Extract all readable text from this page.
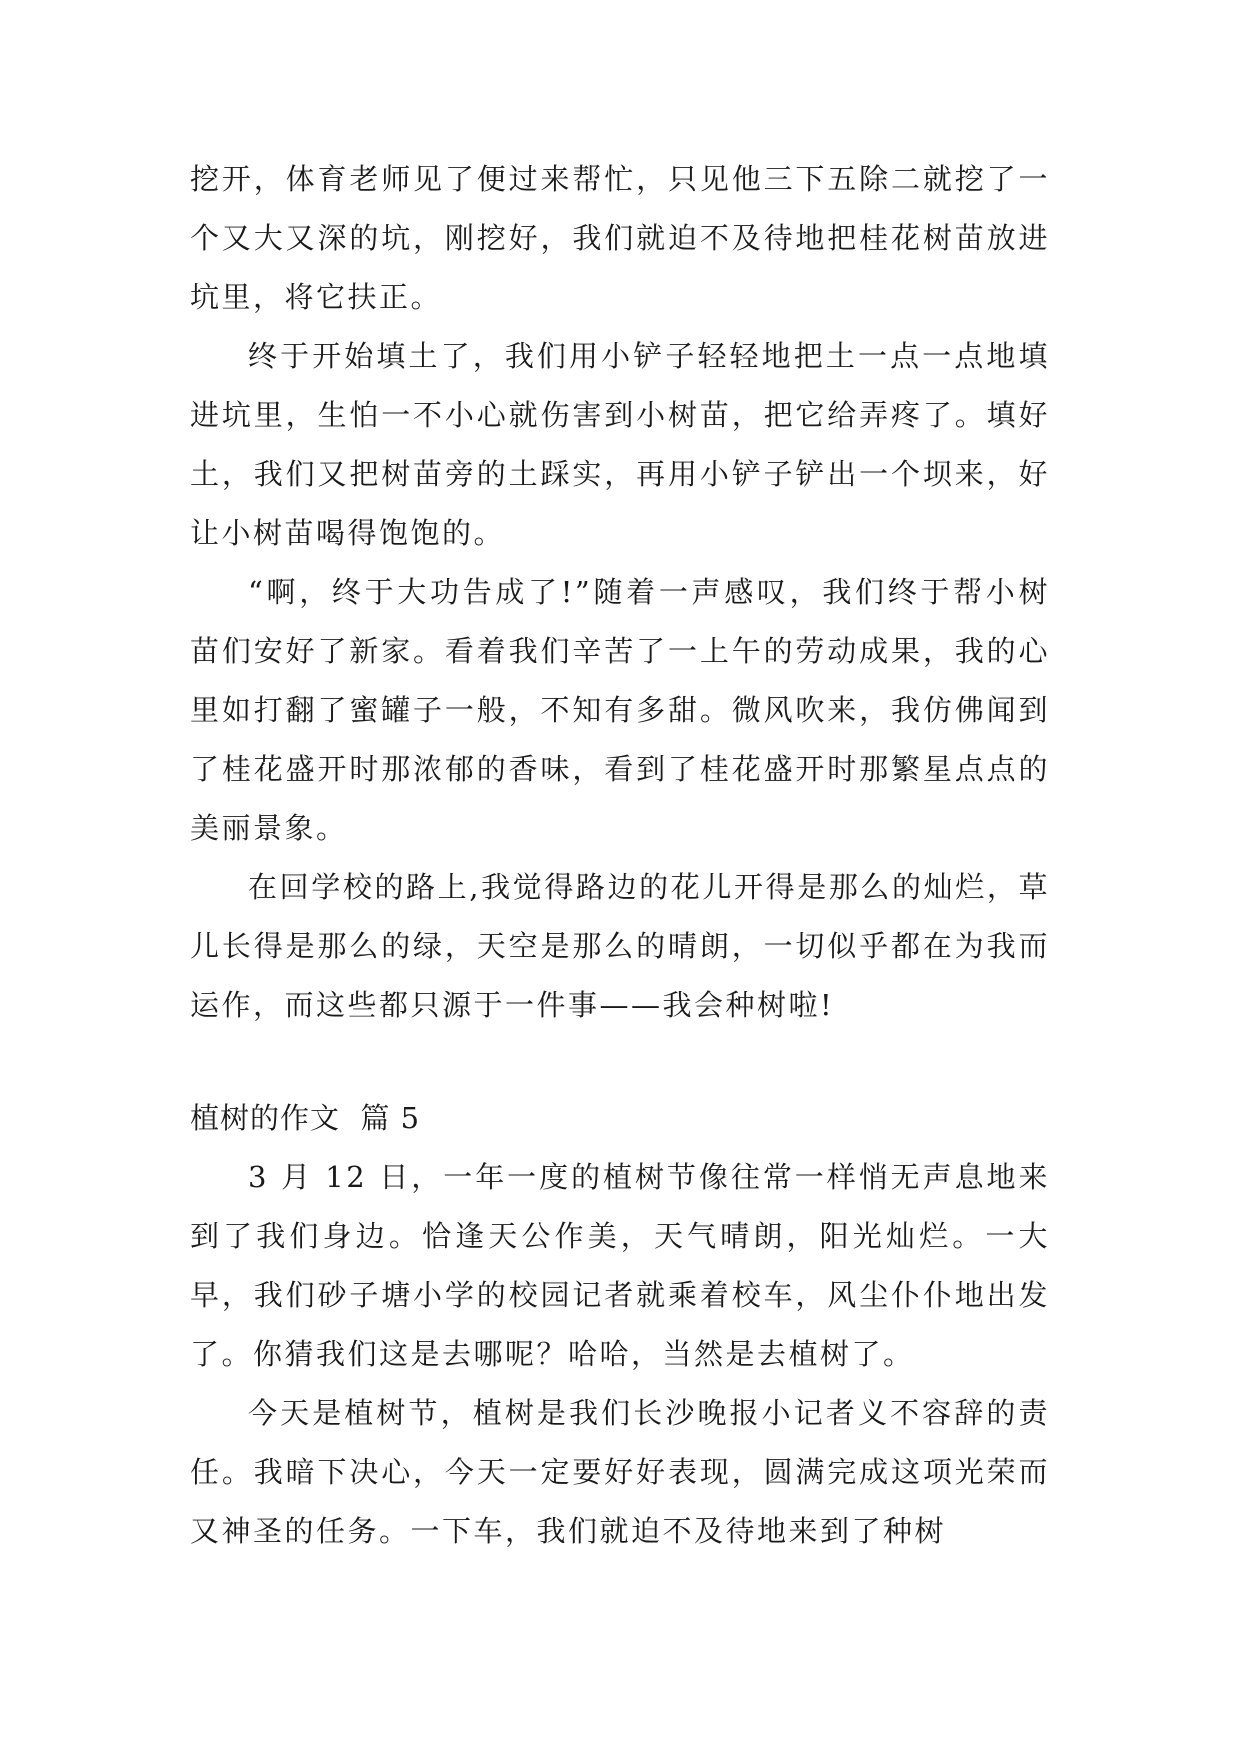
挖开，体育老师见了便过来帮忙，只见他三下五除二就挖了一个又大又深的坑，刚挖好，我们就迫不及待地把桂花树苗放进坑里，将它扶正。

终于开始填土了，我们用小铲子轻轻地把土一点一点地填进坑里，生怕一不小心就伤害到小树苗，把它给弄疼了。填好土，我们又把树苗旁的土踩实，再用小铲子铲出一个坝来，好让小树苗喝得饱饱的。

“啊，终于大功告成了!”随着一声感叹，我们终于帮小树苗们安好了新家。看着我们辛苦了一上午的劳动成果，我的心里如打翻了蜜罐子一般，不知有多甜。微风吹来，我仿佛闻到了桂花盛开时那浓郁的香味，看到了桂花盛开时那繁星点点的美丽景象。

在回学校的路上,我觉得路边的花儿开得是那么的灿烂，草儿长得是那么的绿，天空是那么的晴朗，一切似乎都在为我而运作，而这些都只源于一件事——我会种树啦!

植树的作文  篇 5

3 月 12 日，一年一度的植树节像往常一样悄无声息地来到了我们身边。恰逢天公作美，天气晴朗，阳光灿烂。一大早，我们砂子塘小学的校园记者就乘着校车，风尘仆仆地出发了。你猜我们这是去哪呢？哈哈，当然是去植树了。

今天是植树节，植树是我们长沙晚报小记者义不容辞的责任。我暗下决心，今天一定要好好表现，圆满完成这项光荣而又神圣的任务。一下车，我们就迫不及待地来到了种树
